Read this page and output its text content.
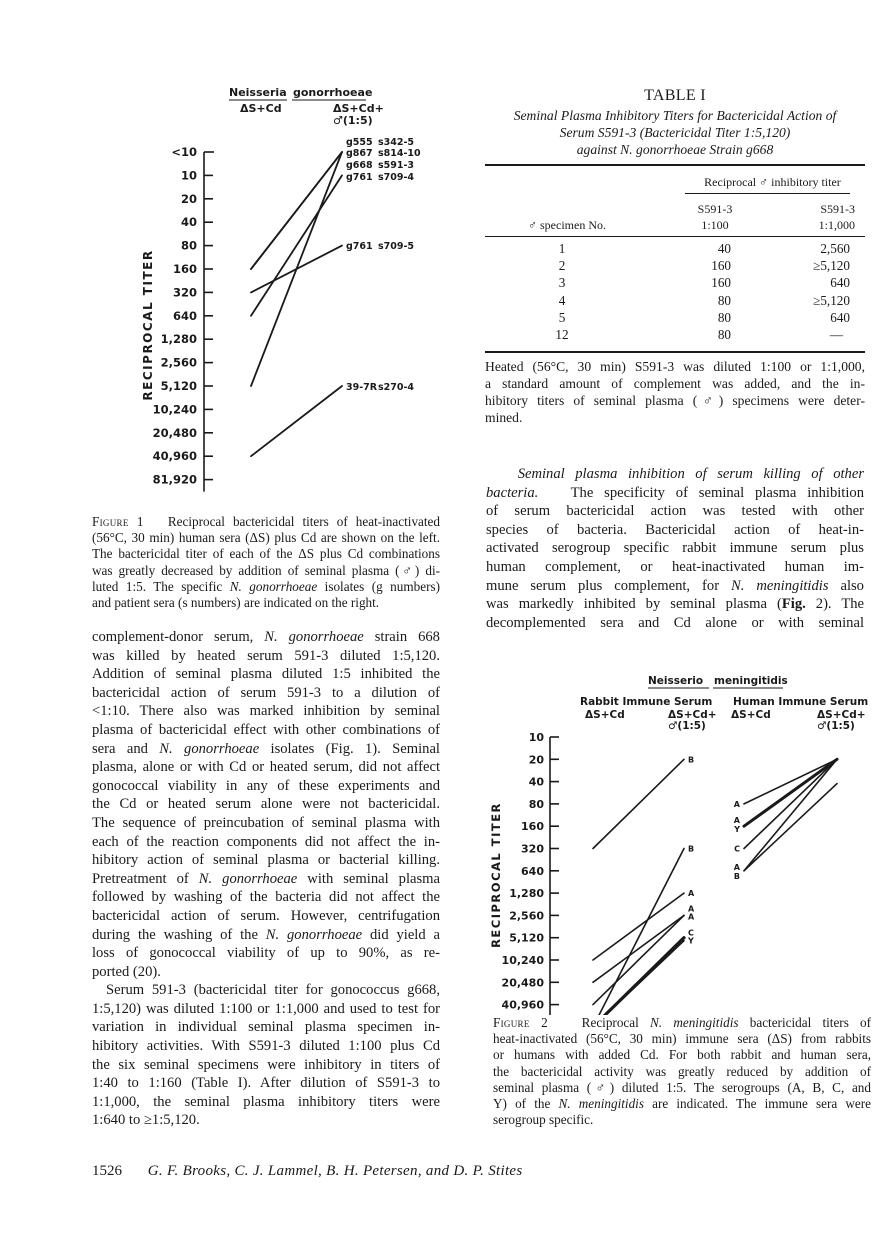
Neisseria gonorrhoeae
ΔS+Cd	ΔS+Cd+
♂(1:5)
<10
10
20
40
80
160
320
640
1,280
2,560
5,120
10,240
20,480
40,960
81,920
RECIPROCAL TITER
g555 s342-5
g867 s814-10
g668 s591-3
g761 s709-4
g761 s709-5
39-7R s270-4
Figure 1 Reciprocal bactericidal titers of heat-inactivated
(56°C, 30 min) human sera (ΔS) plus Cd are shown on the left.
The bactericidal titer of each of the ΔS plus Cd combinations
was greatly decreased by addition of seminal plasma (♂) di-
luted 1:5. The specific N. gonorrhoeae isolates (g numbers)
and patient sera (s numbers) are indicated on the right.
complement-donor serum, N. gonorrhoeae strain 668
was killed by heated serum 591-3 diluted 1:5,120.
Addition of seminal plasma diluted 1:5 inhibited the
bactericidal action of serum 591-3 to a dilution of
<1:10. There also was marked inhibition by seminal
plasma of bactericidal effect with other combinations of
sera and N. gonorrhoeae isolates (Fig. 1). Seminal
plasma, alone or with Cd or heated serum, did not affect
gonococcal viability in any of these experiments and
the Cd or heated serum alone were not bactericidal.
The sequence of preincubation of seminal plasma with
each of the reaction components did not affect the in-
hibitory action of seminal plasma or bacterial killing.
Pretreatment of N. gonorrhoeae with seminal plasma
followed by washing of the bacteria did not affect the
bactericidal action of serum. However, centrifugation
during the washing of the N. gonorrhoeae did yield a
loss of gonococcal viability of up to 90%, as re-
ported (20).
Serum 591-3 (bactericidal titer for gonococcus g668,
1:5,120) was diluted 1:100 or 1:1,000 and used to test for
variation in individual seminal plasma specimen in-
hibitory activities. With S591-3 diluted 1:100 plus Cd
the six seminal specimens were inhibitory in titers of
1:40 to 1:160 (Table I). After dilution of S591-3 to
1:1,000, the seminal plasma inhibitory titers were
1:640 to ≥1:5,120.
TABLE I
Seminal Plasma Inhibitory Titers for Bactericidal Action of
Serum S591-3 (Bactericidal Titer 1:5,120)
against N. gonorrhoeae Strain g668
Reciprocal ♂ inhibitory titer
♂ specimen No.
S591-3
1:100
S591-3
1:1,000
1	40	2,560
2	160	≥5,120
3	160	640
4	80	≥5,120
5	80	640
12	80	—
Heated (56°C, 30 min) S591-3 was diluted 1:100 or 1:1,000,
a standard amount of complement was added, and the in-
hibitory titers of seminal plasma (♂) specimens were deter-
mined.
Seminal plasma inhibition of serum killing of other
bacteria. The specificity of seminal plasma inhibition
of serum bactericidal action was tested with other
species of bacteria. Bactericidal action of heat-in-
activated serogroup specific rabbit immune serum plus
human complement, or heat-inactivated human im-
mune serum plus complement, for N. meningitidis also
was markedly inhibited by seminal plasma (Fig. 2). The
decomplemented sera and Cd alone or with seminal
Neisserio meningitidis
Rabbit Immune Serum Human Immune Serum
ΔS+Cd	ΔS+Cd+
♂(1:5)
ΔS+Cd	ΔS+Cd+
♂(1:5)
10
20
40
80
160
320
640
1,280
2,560
5,120
10,240
20,480
40,960
RECIPROCAL TITER
B
B
A
A
A
C
Y
A
A
Y
C
A
B
Figure 2   Reciprocal N. meningitidis bactericidal titers of
heat-inactivated (56°C, 30 min) immune sera (ΔS) from rabbits
or humans with added Cd. For both rabbit and human sera,
the bactericidal activity was greatly reduced by addition of
seminal plasma (♂) diluted 1:5. The serogroups (A, B, C, and
Y) of the N. meningitidis are indicated. The immune sera were
serogroup specific.
1526 G. F. Brooks, C. J. Lammel, B. H. Petersen, and D. P. Stites
